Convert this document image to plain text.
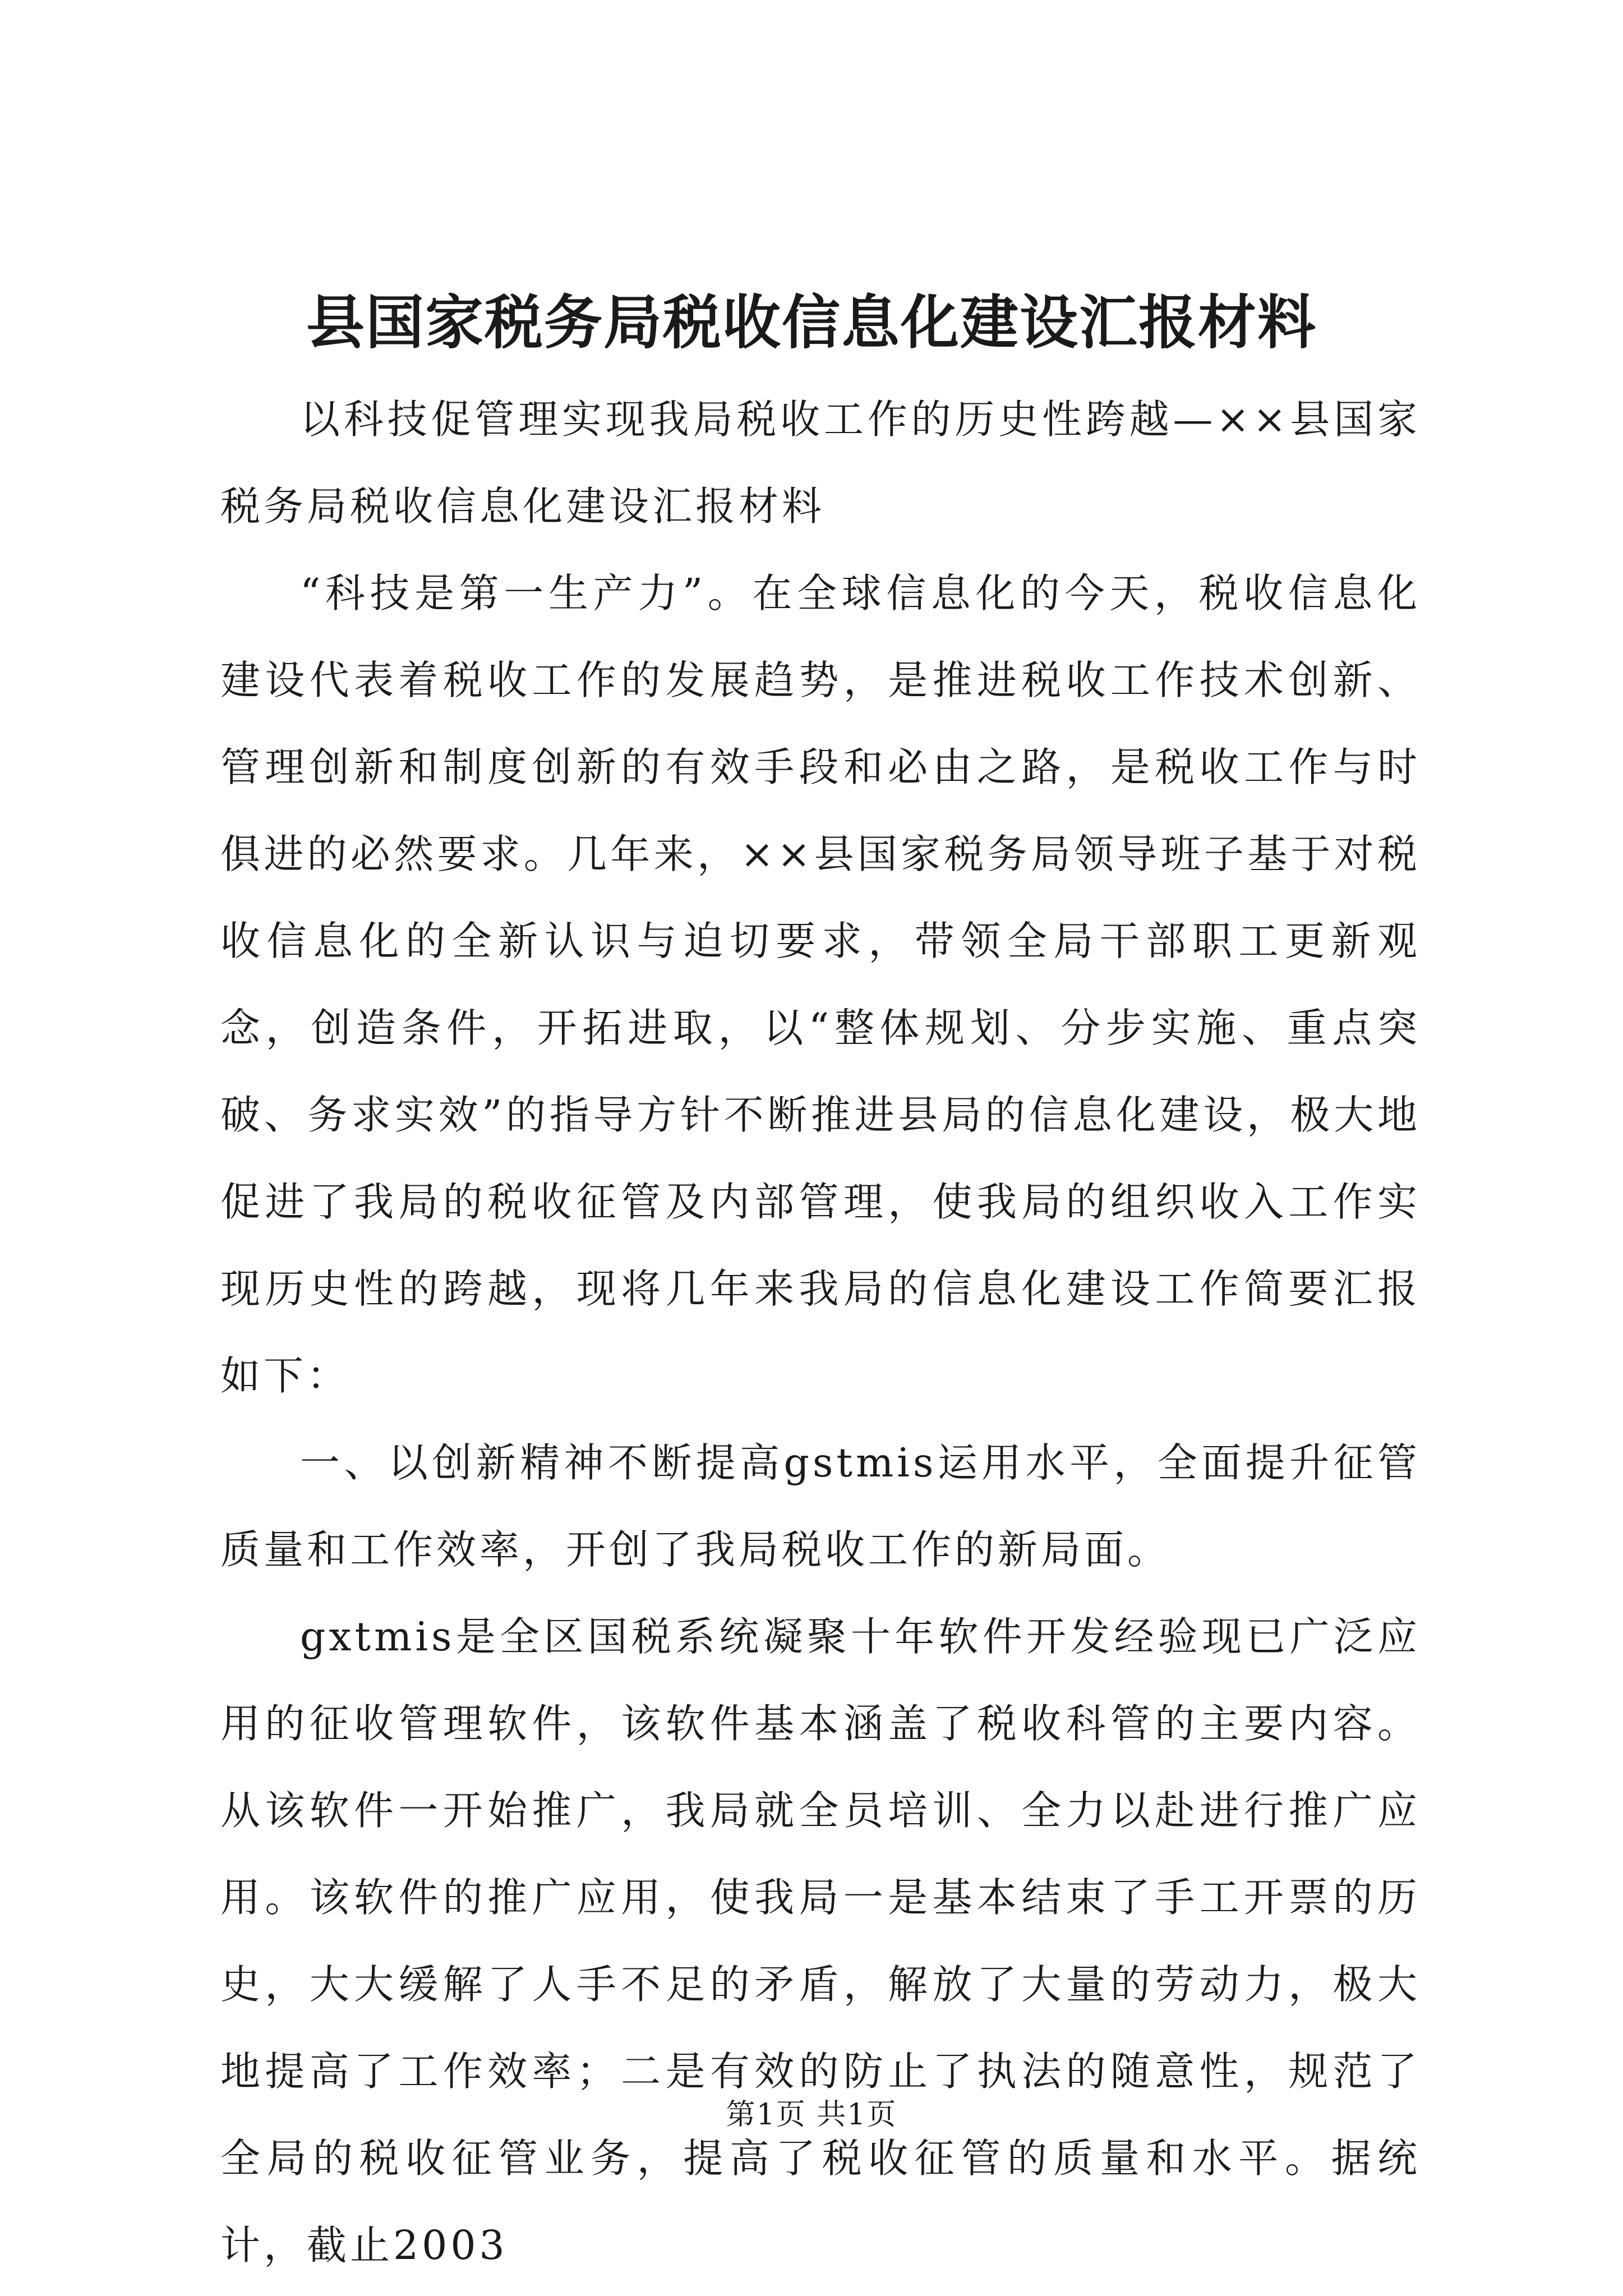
县国家税务局税收信息化建设汇报材料

以科技促管理实现我局税收工作的历史性跨越—××县国家税务局税收信息化建设汇报材料

“科技是第一生产力”。在全球信息化的今天，税收信息化建设代表着税收工作的发展趋势，是推进税收工作技术创新、管理创新和制度创新的有效手段和必由之路，是税收工作与时俱进的必然要求。几年来，××县国家税务局领导班子基于对税收信息化的全新认识与迫切要求，带领全局干部职工更新观念，创造条件，开拓进取，以“整体规划、分步实施、重点突破、务求实效”的指导方针不断推进县局的信息化建设，极大地促进了我局的税收征管及内部管理，使我局的组织收入工作实现历史性的跨越，现将几年来我局的信息化建设工作简要汇报如下：

一、以创新精神不断提高gstmis运用水平，全面提升征管质量和工作效率，开创了我局税收工作的新局面。

gxtmis是全区国税系统凝聚十年软件开发经验现已广泛应用的征收管理软件，该软件基本涵盖了税收科管的主要内容。从该软件一开始推广，我局就全员培训、全力以赴进行推广应用。该软件的推广应用，使我局一是基本结束了手工开票的历史，大大缓解了人手不足的矛盾，解放了大量的劳动力，极大地提高了工作效率；二是有效的防止了执法的随意性，规范了全局的税收征管业务，提高了税收征管的质量和水平。据统计，截止2003

第1页 共1页
